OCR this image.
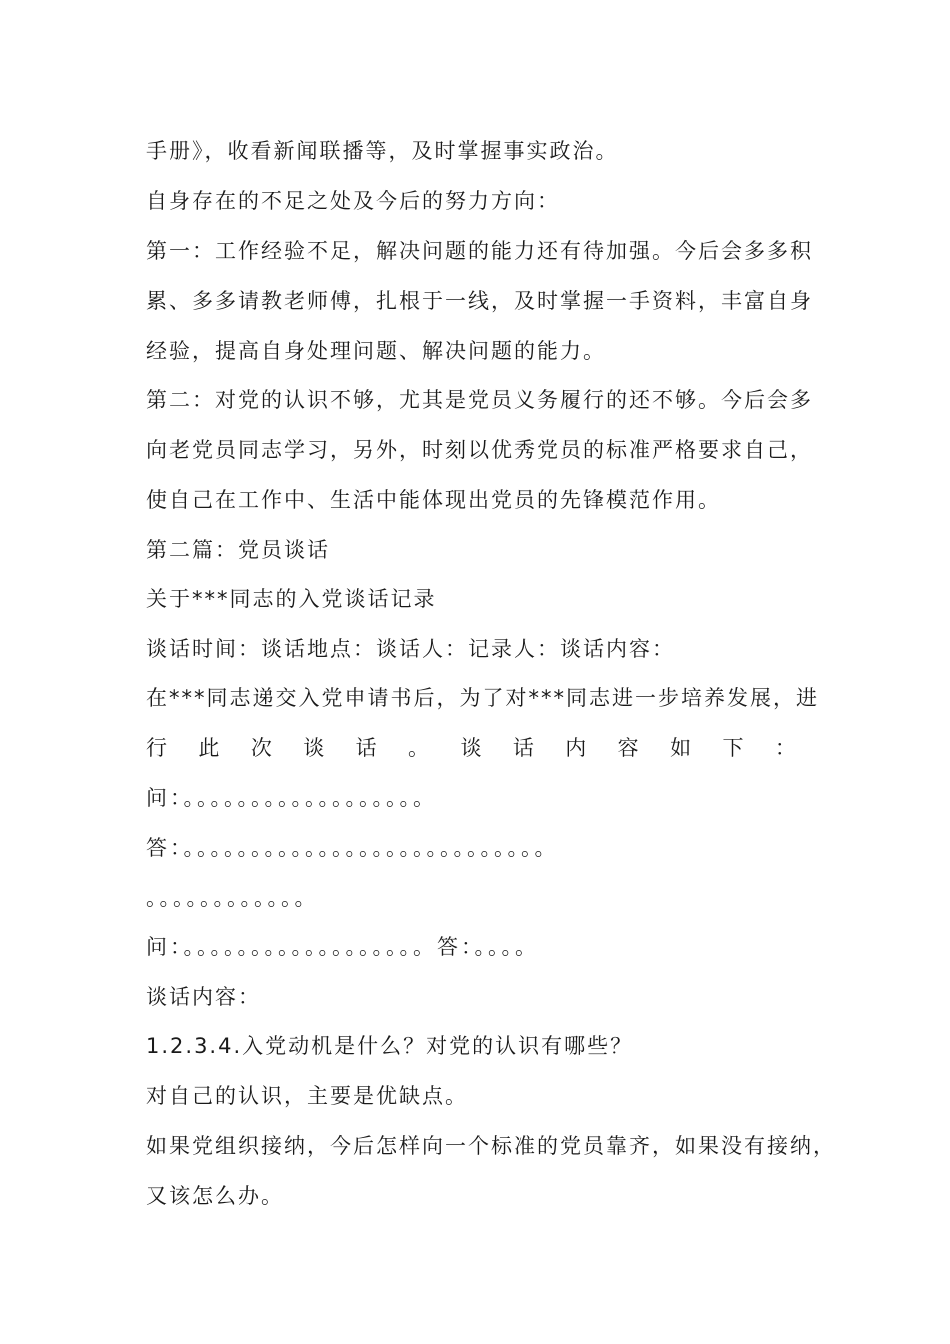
手册》，收看新闻联播等，及时掌握事实政治。
自身存在的不足之处及今后的努力方向：
第一：工作经验不足，解决问题的能力还有待加强。今后会多多积
累、多多请教老师傅，扎根于一线，及时掌握一手资料，丰富自身
经验，提高自身处理问题、解决问题的能力。
第二：对党的认识不够，尤其是党员义务履行的还不够。今后会多
向老党员同志学习，另外，时刻以优秀党员的标准严格要求自己，
使自己在工作中、生活中能体现出党员的先锋模范作用。
第二篇：党员谈话
关于***同志的入党谈话记录
谈话时间：谈话地点：谈话人：记录人：谈话内容：
在***同志递交入党申请书后，为了对***同志进一步培养发展，进
行 此 次 谈 话 。 谈 话 内 容 如 下 ：
问：。。。。。。。。。。。。。。。。。。
答：。。。。。。。。。。。。。。。。。。。。。。。。。。。
。。。。。。。。。。。。
问：。。。。。。。。。。。。。。。。。。答：。。。。
谈话内容：
1.2.3.4.入党动机是什么？对党的认识有哪些？
对自己的认识，主要是优缺点。
如果党组织接纳，今后怎样向一个标准的党员靠齐，如果没有接纳，
又该怎么办。
